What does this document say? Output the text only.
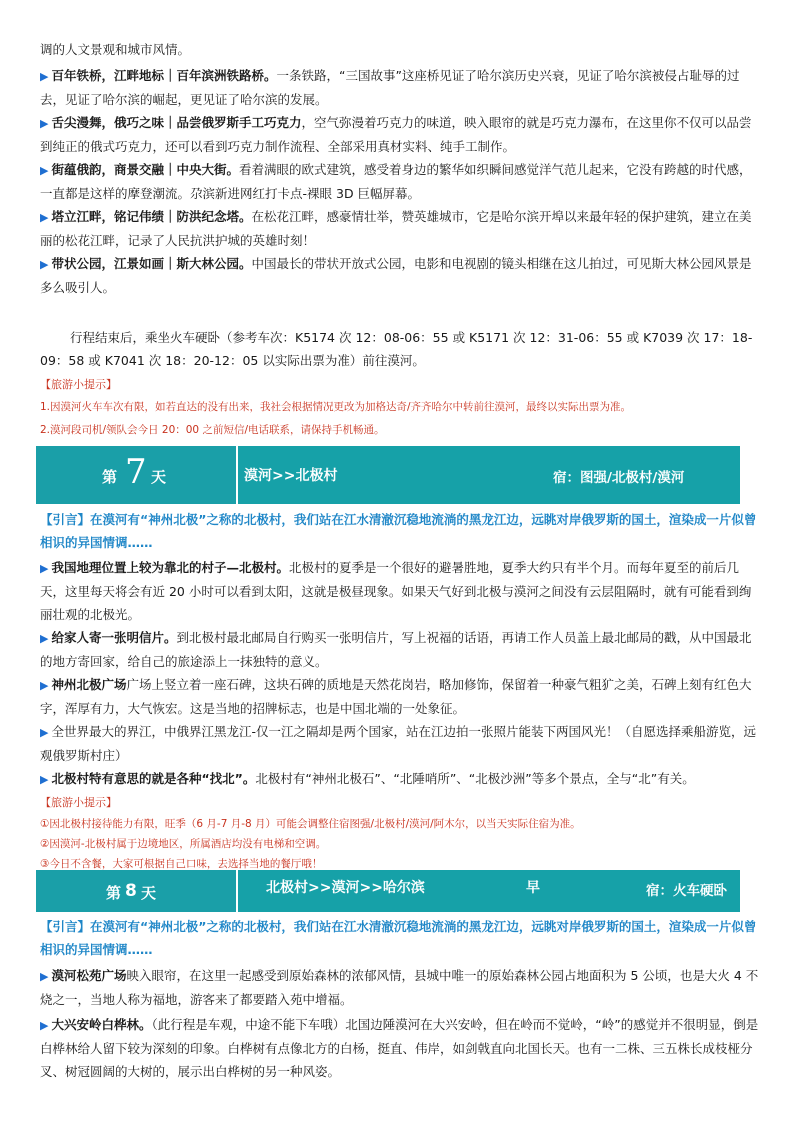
调的人文景观和城市风情。

▶ 百年铁桥，江畔地标｜百年滨洲铁路桥。一条铁路，“三国故事”这座桥见证了哈尔滨历史兴衰，见证了哈尔滨被侵占耻辱的过去，见证了哈尔滨的崛起，更见证了哈尔滨的发展。

▶ 舌尖漫舞，俄巧之味｜品尝俄罗斯手工巧克力，空气弥漫着巧克力的味道，映入眼帘的就是巧克力瀑布，在这里你不仅可以品尝到纯正的俄式巧克力，还可以看到巧克力制作流程、全部采用真材实料、纯手工制作。

▶ 街蕴俄韵，商景交融｜中央大街。看着满眼的欧式建筑，感受着身边的繁华如织瞬间感觉洋气范儿起来，它没有跨越的时代感，一直都是这样的摩登潮流。尕滨新进网红打卡点-裸眼 3D 巨幅屏幕。

▶ 塔立江畔，铭记伟绩｜防洪纪念塔。在松花江畔，感豪情壮举，赞英雄城市，它是哈尔滨开埠以来最年轻的保护建筑，建立在美丽的松花江畔，记录了人民抗洪护城的英雄时刻！

▶ 带状公园，江景如画｜斯大林公园。中国最长的带状开放式公园，电影和电视剧的镜头相继在这儿拍过，可见斯大林公园风景是多么吸引人。

行程结束后，乘坐火车硬卧（参考车次：K5174 次 12：08-06：55 或 K5171 次 12：31-06：55 或 K7039 次 17：18-09：58 或 K7041 次 18：20-12：05 以实际出票为准）前往漠河。

【旅游小提示】

1.因漠河火车车次有限，如若直达的没有出来，我社会根据情况更改为加格达奇/齐齐哈尔中转前往漠河，最终以实际出票为准。

2.漠河段司机/领队会今日 20：00 之前短信/电话联系，请保持手机畅通。

第 7 天	漠河>>北极村	宿：图强/北极村/漠河

【引言】在漠河有“神州北极”之称的北极村，我们站在江水清澈沉稳地流淌的黑龙江边，远眺对岸俄罗斯的国土，渲染成一片似曾相识的异国情调……

▶ 我国地理位置上较为靠北的村子—北极村。北极村的夏季是一个很好的避暑胜地，夏季大约只有半个月。而每年夏至的前后几天，这里每天将会有近 20 小时可以看到太阳，这就是极昼现象。如果天气好到北极与漠河之间没有云层阻隔时，就有可能看到绚丽壮观的北极光。

▶ 给家人寄一张明信片。到北极村最北邮局自行购买一张明信片，写上祝福的话语，再请工作人员盖上最北邮局的戳，从中国最北的地方寄回家，给自己的旅途添上一抹独特的意义。

▶ 神州北极广场广场上竖立着一座石碑，这块石碑的质地是天然花岗岩，略加修饰，保留着一种豪气粗犷之美，石碑上刻有红色大字，浑厚有力，大气恢宏。这是当地的招牌标志，也是中国北端的一处象征。

▶ 全世界最大的界江，中俄界江黑龙江-仅一江之隔却是两个国家，站在江边拍一张照片能装下两国风光！（自愿选择乘船游览，远观俄罗斯村庄）

▶ 北极村特有意思的就是各种“找北”。北极村有“神州北极石”、“北陲哨所”、“北极沙洲”等多个景点，全与“北”有关。

【旅游小提示】

①因北极村接待能力有限，旺季（6 月-7 月-8 月）可能会调整住宿图强/北极村/漠河/阿木尔，以当天实际住宿为准。

②因漠河-北极村属于边境地区，所属酒店均没有电梯和空调。

③今日不含餐，大家可根据自己口味，去选择当地的餐厅哦！

第 8 天	北极村>>漠河>>哈尔滨	早	宿：火车硬卧

【引言】在漠河有“神州北极”之称的北极村，我们站在江水清澈沉稳地流淌的黑龙江边，远眺对岸俄罗斯的国土，渲染成一片似曾相识的异国情调……

▶ 漠河松苑广场映入眼帘，在这里一起感受到原始森林的浓郁风情，县城中唯一的原始森林公园占地面积为 5 公顷，也是大火 4 不烧之一，当地人称为福地，游客来了都要踏入苑中增福。

▶ 大兴安岭白桦林。（此行程是车观，中途不能下车哦）北国边陲漠河在大兴安岭，但在岭而不觉岭，“岭”的感觉并不很明显，倒是白桦林给人留下较为深刻的印象。白桦树有点像北方的白杨，挺直、伟岸，如剑戟直向北国长天。也有一二株、三五株长成枝桠分叉、树冠圆阔的大树的，展示出白桦树的另一种风姿。
